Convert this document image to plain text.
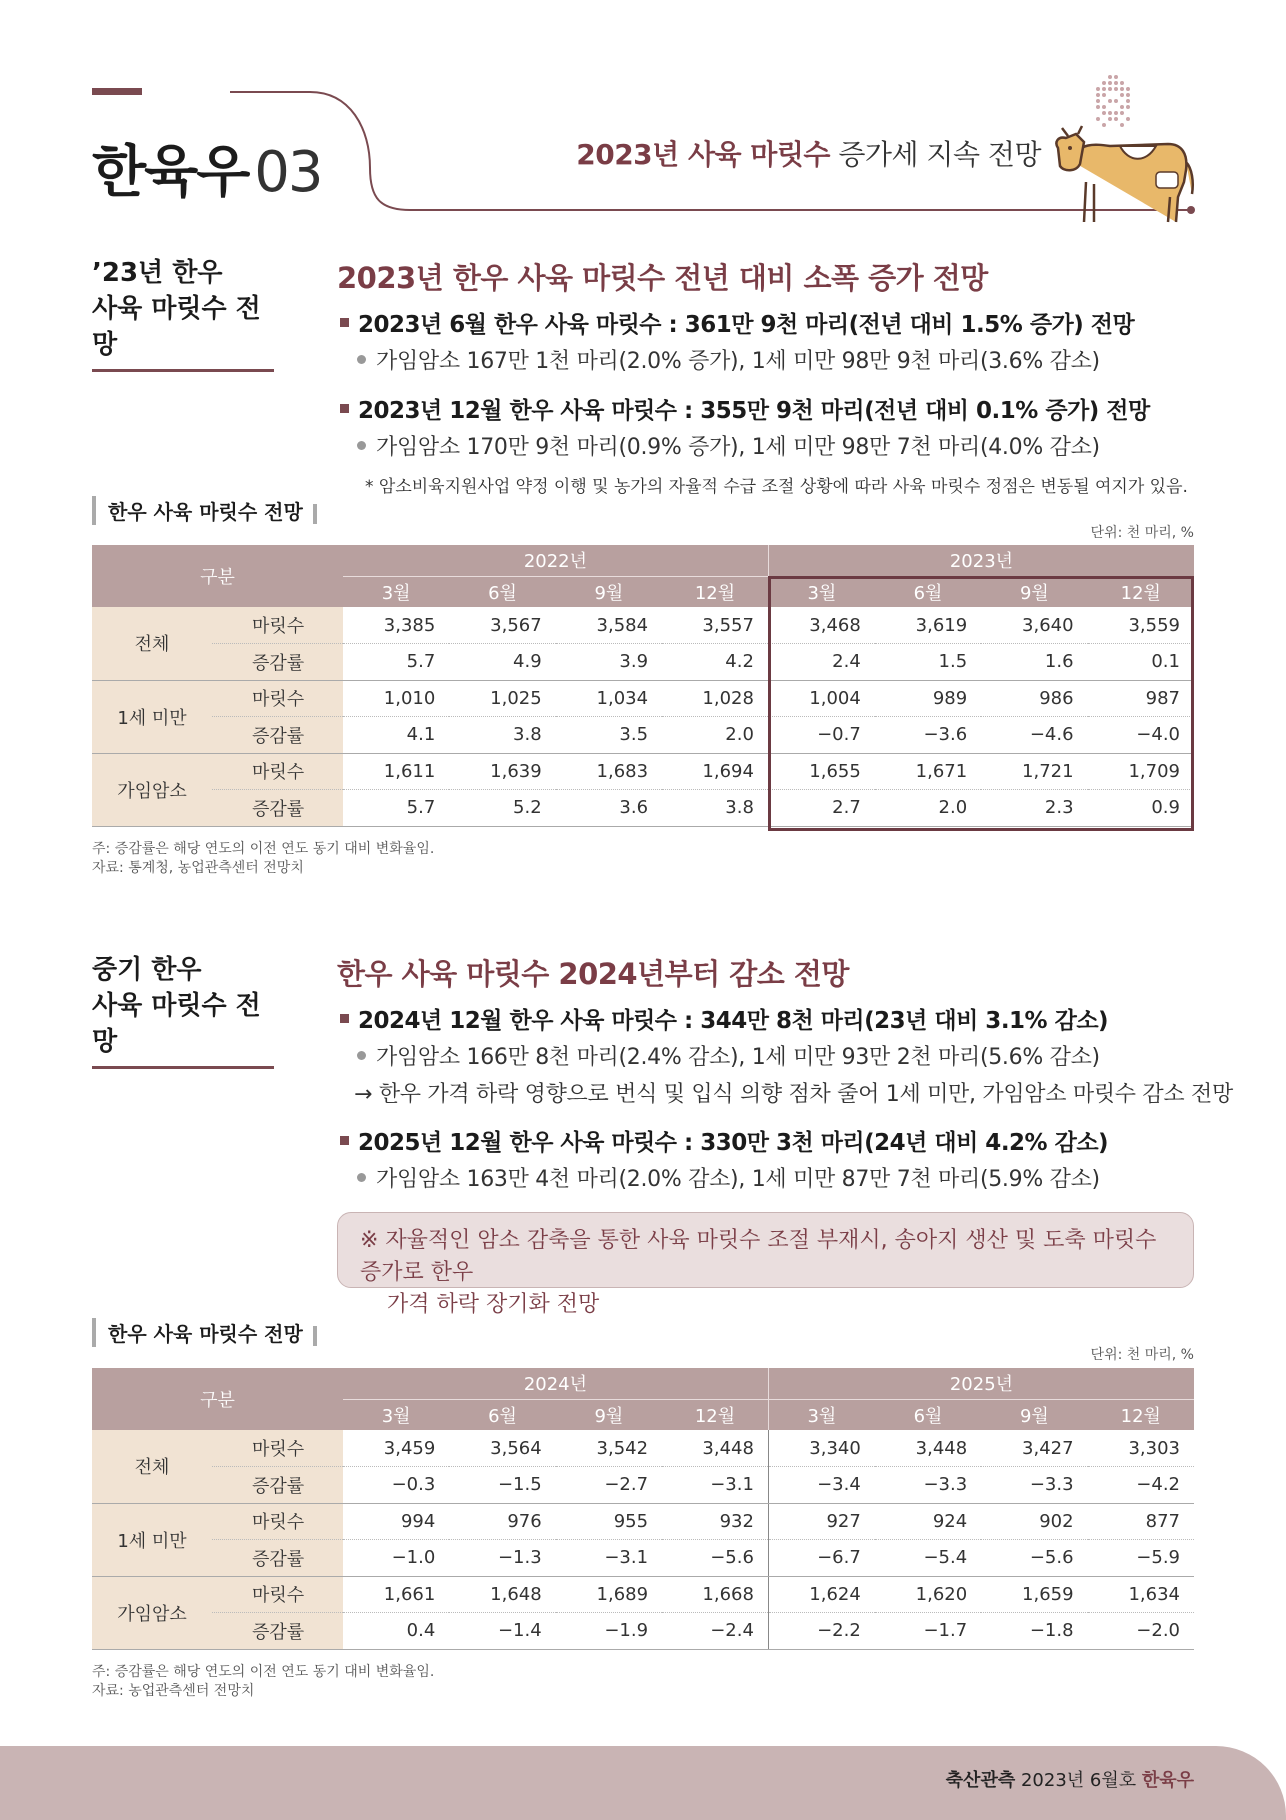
한육우 03	2023년 사육 마릿수 증가세 지속 전망
’23년 한우
사육 마릿수 전망
2023년 한우 사육 마릿수 전년 대비 소폭 증가 전망
2023년 6월 한우 사육 마릿수 : 361만 9천 마리(전년 대비 1.5% 증가) 전망
가임암소 167만 1천 마리(2.0% 증가), 1세 미만 98만 9천 마리(3.6% 감소)
2023년 12월 한우 사육 마릿수 : 355만 9천 마리(전년 대비 0.1% 증가) 전망
가임암소 170만 9천 마리(0.9% 증가), 1세 미만 98만 7천 마리(4.0% 감소)
* 암소비육지원사업 약정 이행 및 농가의 자율적 수급 조절 상황에 따라 사육 마릿수 정점은 변동될 여지가 있음.
한우 사육 마릿수 전망
단위: 천 마리, %
구분		2022년				2023년			
		3월	6월	9월	12월	3월	6월	9월	12월
전체	마릿수	3,385	3,567	3,584	3,557	3,468	3,619	3,640	3,559
	증감률	5.7	4.9	3.9	4.2	2.4	1.5	1.6	0.1
1세 미만	마릿수	1,010	1,025	1,034	1,028	1,004	989	986	987
	증감률	4.1	3.8	3.5	2.0	−0.7	−3.6	−4.6	−4.0
가임암소	마릿수	1,611	1,639	1,683	1,694	1,655	1,671	1,721	1,709
	증감률	5.7	5.2	3.6	3.8	2.7	2.0	2.3	0.9
주: 증감률은 해당 연도의 이전 연도 동기 대비 변화율임.
자료: 통계청, 농업관측센터 전망치
중기 한우
사육 마릿수 전망
한우 사육 마릿수 2024년부터 감소 전망
2024년 12월 한우 사육 마릿수 : 344만 8천 마리(23년 대비 3.1% 감소)
가임암소 166만 8천 마리(2.4% 감소), 1세 미만 93만 2천 마리(5.6% 감소)
→ 한우 가격 하락 영향으로 번식 및 입식 의향 점차 줄어 1세 미만, 가임암소 마릿수 감소 전망
2025년 12월 한우 사육 마릿수 : 330만 3천 마리(24년 대비 4.2% 감소)
가임암소 163만 4천 마리(2.0% 감소), 1세 미만 87만 7천 마리(5.9% 감소)
※ 자율적인 암소 감축을 통한 사육 마릿수 조절 부재시, 송아지 생산 및 도축 마릿수 증가로 한우
가격 하락 장기화 전망
한우 사육 마릿수 전망
단위: 천 마리, %
구분		2024년				2025년			
		3월	6월	9월	12월	3월	6월	9월	12월
전체	마릿수	3,459	3,564	3,542	3,448	3,340	3,448	3,427	3,303
	증감률	−0.3	−1.5	−2.7	−3.1	−3.4	−3.3	−3.3	−4.2
1세 미만	마릿수	994	976	955	932	927	924	902	877
	증감률	−1.0	−1.3	−3.1	−5.6	−6.7	−5.4	−5.6	−5.9
가임암소	마릿수	1,661	1,648	1,689	1,668	1,624	1,620	1,659	1,634
	증감률	0.4	−1.4	−1.9	−2.4	−2.2	−1.7	−1.8	−2.0
주: 증감률은 해당 연도의 이전 연도 동기 대비 변화율임.
자료: 농업관측센터 전망치
축산관측 2023년 6월호 한육우
